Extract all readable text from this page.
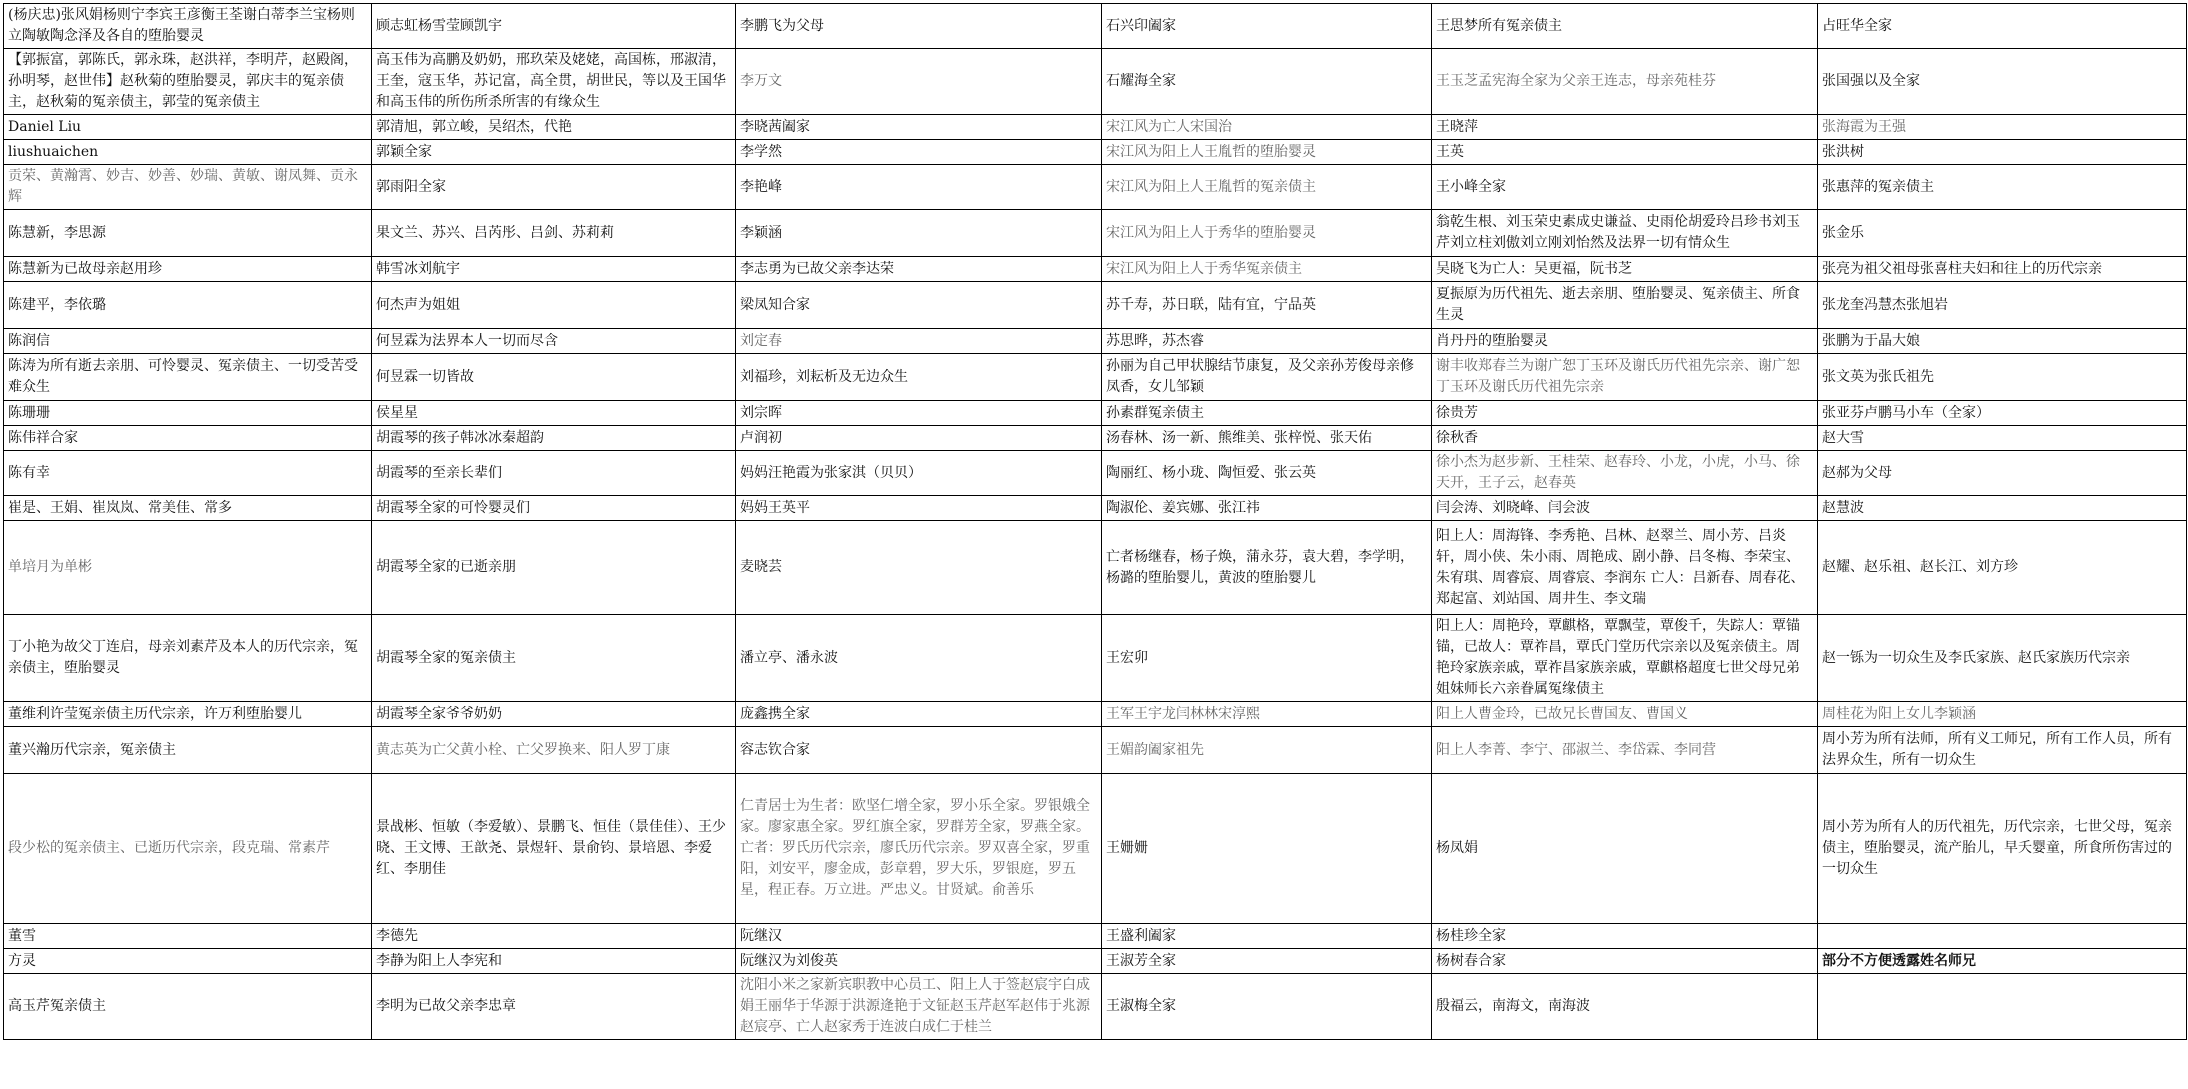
(杨庆忠)张风娟杨则宁李宾王彦衡王荃谢白蒂李兰宝杨则立陶敏陶念泽及各自的堕胎婴灵	顾志虹杨雪莹顾凯宇	李鹏飞为父母	石兴印阖家	王思梦所有冤亲债主	占旺华全家
【郭振富，郭陈氏，郭永珠，赵洪祥，李明芹，赵殿阁，孙明琴，赵世伟】赵秋菊的堕胎婴灵，郭庆丰的冤亲债主，赵秋菊的冤亲债主，郭莹的冤亲债主	高玉伟为高鹏及奶奶，邢玖荣及姥姥，高国栋，邢淑清，王奎，寇玉华，苏记富，高全贯，胡世民，等以及王国华和高玉伟的所伤所杀所害的有缘众生	李万文	石耀海全家	王玉芝孟宪海全家为父亲王连志，母亲苑桂芬	张国强以及全家
Daniel Liu	郭清旭，郭立峻，吴绍杰，代艳	李晓茜阖家	宋江风为亡人宋国治	王晓萍	张海霞为王强
liushuaichen	郭颖全家	李学然	宋江风为阳上人王胤哲的堕胎婴灵	王英	张洪树
贡荣、黄瀚霄、妙吉、妙善、妙瑞、黄敏、谢凤舞、贡永辉	郭雨阳全家	李艳峰	宋江风为阳上人王胤哲的冤亲债主	王小峰全家	张惠萍的冤亲债主
陈慧新，李思源	果文兰、苏兴、吕芮彤、吕剑、苏莉莉	李颖涵	宋江风为阳上人于秀华的堕胎婴灵	翁乾生根、刘玉荣史素成史谦益、史雨伦胡爱玲吕珍书刘玉芹刘立柱刘傲刘立刚刘怡然及法界一切有情众生	张金乐
陈慧新为已故母亲赵用珍	韩雪冰刘航宇	李志勇为已故父亲李达荣	宋江风为阳上人于秀华冤亲债主	吴晓飞为亡人：吴更福，阮书芝	张亮为祖父祖母张喜柱夫妇和往上的历代宗亲
陈建平，李依璐	何杰声为姐姐	梁凤知合家	苏千寿，苏日联，陆有宜，宁品英	夏振原为历代祖先、逝去亲朋、堕胎婴灵、冤亲债主、所食生灵	张龙奎冯慧杰张旭岩
陈润信	何昱霖为法界本人一切而尽含	刘定春	苏思晔，苏杰睿	肖丹丹的堕胎婴灵	张鹏为于晶大娘
陈涛为所有逝去亲朋、可怜婴灵、冤亲债主、一切受苦受难众生	何昱霖一切皆故	刘福珍，刘耘析及无边众生	孙丽为自己甲状腺结节康复，及父亲孙芳俊母亲修凤香，女儿邹颖	谢丰收郑春兰为谢广恕丁玉环及谢氏历代祖先宗亲、谢广恕丁玉环及谢氏历代祖先宗亲	张文英为张氏祖先
陈珊珊	侯星星	刘宗晖	孙素群冤亲债主	徐贵芳	张亚芬卢鹏马小车（全家）
陈伟祥合家	胡霞琴的孩子韩冰冰秦超韵	卢润初	汤春林、汤一新、熊维美、张梓悦、张天佑	徐秋香	赵大雪
陈有幸	胡霞琴的至亲长辈们	妈妈汪艳霞为张家淇（贝贝）	陶丽红、杨小珑、陶恒爱、张云英	徐小杰为赵步新、王桂荣、赵春玲、小龙，小虎，小马、徐天开，王子云，赵春英	赵郝为父母
崔是、王娟、崔岚岚、常美佳、常多	胡霞琴全家的可怜婴灵们	妈妈王英平	陶淑伦、姜宾娜、张江祎	闫会涛、刘晓峰、闫会波	赵慧波
单培月为单彬	胡霞琴全家的已逝亲朋	麦晓芸	亡者杨继春，杨子焕，蒲永芬，袁大碧，李学明，杨潞的堕胎婴儿，黄波的堕胎婴儿	阳上人：周海锋、李秀艳、吕林、赵翠兰、周小芳、吕炎轩，周小侠、朱小雨、周艳成、剧小静、吕冬梅、李荣宝、朱宥琪、周睿宸、周睿宸、李润东 亡人：吕新春、周春花、郑起富、刘站国、周井生、李文瑞	赵耀、赵乐祖、赵长江、刘方珍
丁小艳为故父丁连启，母亲刘素芹及本人的历代宗亲，冤亲债主，堕胎婴灵	胡霞琴全家的冤亲债主	潘立亭、潘永波	王宏卯	阳上人：周艳玲，覃麒格，覃飘莹，覃俊千，失踪人：覃锚锚，已故人：覃祚昌，覃氏门堂历代宗亲以及冤亲债主。周艳玲家族亲戚，覃祚昌家族亲戚，覃麒格超度七世父母兄弟姐妹师长六亲眷属冤缘债主	赵一铄为一切众生及李氏家族、赵氏家族历代宗亲
董维利许莹冤亲债主历代宗亲，许万利堕胎婴儿	胡霞琴全家爷爷奶奶	庞鑫携全家	王军王宇龙闫林林宋淳熙	阳上人曹金玲，已故兄长曹国友、曹国义	周桂花为阳上女儿李颖涵
董兴瀚历代宗亲，冤亲债主	黄志英为亡父黄小栓、亡父罗换来、阳人罗丁康	容志钦合家	王媚韵阖家祖先	阳上人李菁、李宁、邵淑兰、李岱霖、李同营	周小芳为所有法师，所有义工师兄，所有工作人员，所有法界众生，所有一切众生
段少松的冤亲债主、已逝历代宗亲，段克瑞、常素芹	景战彬、恒敏（李爱敏）、景鹏飞、恒佳（景佳佳）、王少晓、王文博、王歆尧、景煜轩、景俞钧、景培恩、李爱红、李朋佳	仁青居士为生者：欧坚仁增全家，罗小乐全家。罗银娥全家。廖家惠全家。罗红旗全家，罗群芳全家，罗燕全家。亡者：罗氏历代宗亲，廖氏历代宗亲。罗双喜全家，罗重阳，刘安平，廖金成，彭章碧，罗大乐，罗银庭，罗五星，程正春。万立进。严忠义。甘贤斌。俞善乐	王姗姗	杨凤娟	周小芳为所有人的历代祖先，历代宗亲，七世父母，冤亲债主，堕胎婴灵，流产胎儿，早夭婴童，所食所伤害过的一切众生
董雪	李德先	阮继汉	王盛利阖家	杨桂珍全家	
方灵	李静为阳上人李宪和	阮继汉为刘俊英	王淑芳全家	杨树春合家	部分不方便透露姓名师兄
高玉芹冤亲债主	李明为已故父亲李忠章	沈阳小米之家新宾职教中心员工、阳上人于签赵宸宇白成娟王丽华于华源于洪源逄艳于文钲赵玉芹赵军赵伟于兆源赵宸亭、亡人赵家秀于连波白成仁于桂兰	王淑梅全家	殷福云，南海文，南海波	
